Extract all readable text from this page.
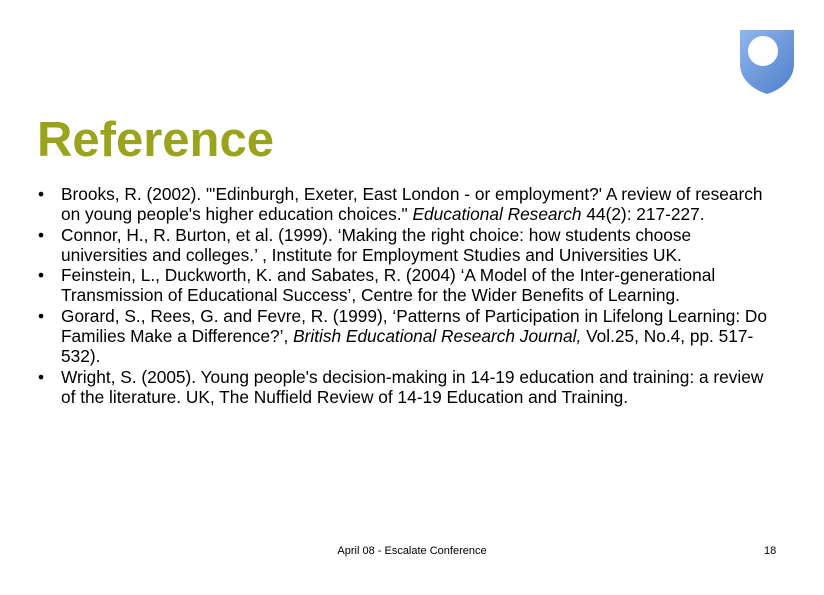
Reference
• Brooks, R. (2002). "'Edinburgh, Exeter, East London - or employment?' A review of research on young people's higher education choices." Educational Research 44(2): 217-227.
• Connor, H., R. Burton, et al. (1999). ‘Making the right choice: how students choose universities and colleges.’ , Institute for Employment Studies and Universities UK.
• Feinstein, L., Duckworth, K. and Sabates, R. (2004) ‘A Model of the Inter-generational Transmission of Educational Success’, Centre for the Wider Benefits of Learning.
• Gorard, S., Rees, G. and Fevre, R. (1999), ‘Patterns of Participation in Lifelong Learning: Do Families Make a Difference?’, British Educational Research Journal, Vol.25, No.4, pp. 517-532).
• Wright, S. (2005). Young people's decision-making in 14-19 education and training: a review of the literature. UK, The Nuffield Review of 14-19 Education and Training.
April 08 - Escalate Conference	18
